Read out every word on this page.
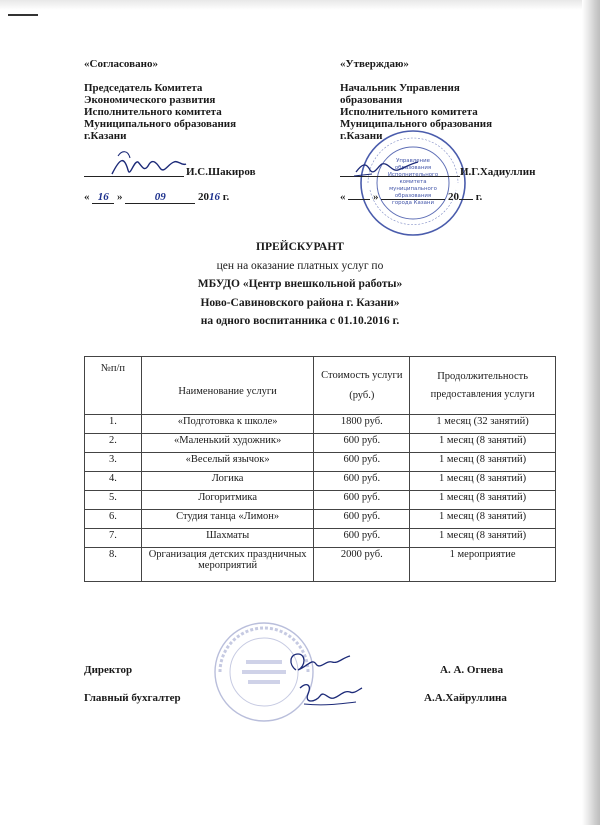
«Согласовано»
Председатель Комитета
Экономического развития
Исполнительного комитета
Муниципального образования
г.Казани
И.С.Шакиров
« 16 »	09	2016 г.
«Утверждаю»
Начальник Управления
образования
Исполнительного комитета
Муниципального образования
г.Казани
Управление
образования
Исполнительного
комитета
муниципального
образования
города Казани
И.Г.Хадиуллин
«	»	20 г.
ПРЕЙСКУРАНТ
цен на оказание платных услуг по
МБУДО «Центр внешкольной работы»
Ново-Савиновского района г. Казани»
на одного воспитанника с 01.10.2016 г.
№п/п	Наименование услуги	Стоимость услуги (руб.)	Продолжительность предоставления услуги
1.	«Подготовка к школе»	1800 руб.	1 месяц (32 занятий)
2.	«Маленький художник»	600 руб.	1 месяц (8 занятий)
3.	«Веселый язычок»	600 руб.	1 месяц (8 занятий)
4.	Логика	600 руб.	1 месяц (8 занятий)
5.	Логоритмика	600 руб.	1 месяц (8 занятий)
6.	Студия танца «Лимон»	600 руб.	1 месяц (8 занятий)
7.	Шахматы	600 руб.	1 месяц (8 занятий)
8.	Организация детских праздничных мероприятий	2000 руб.	1 мероприятие
Директор	А. А. Огнева
Главный бухгалтер	А.А.Хайруллина
